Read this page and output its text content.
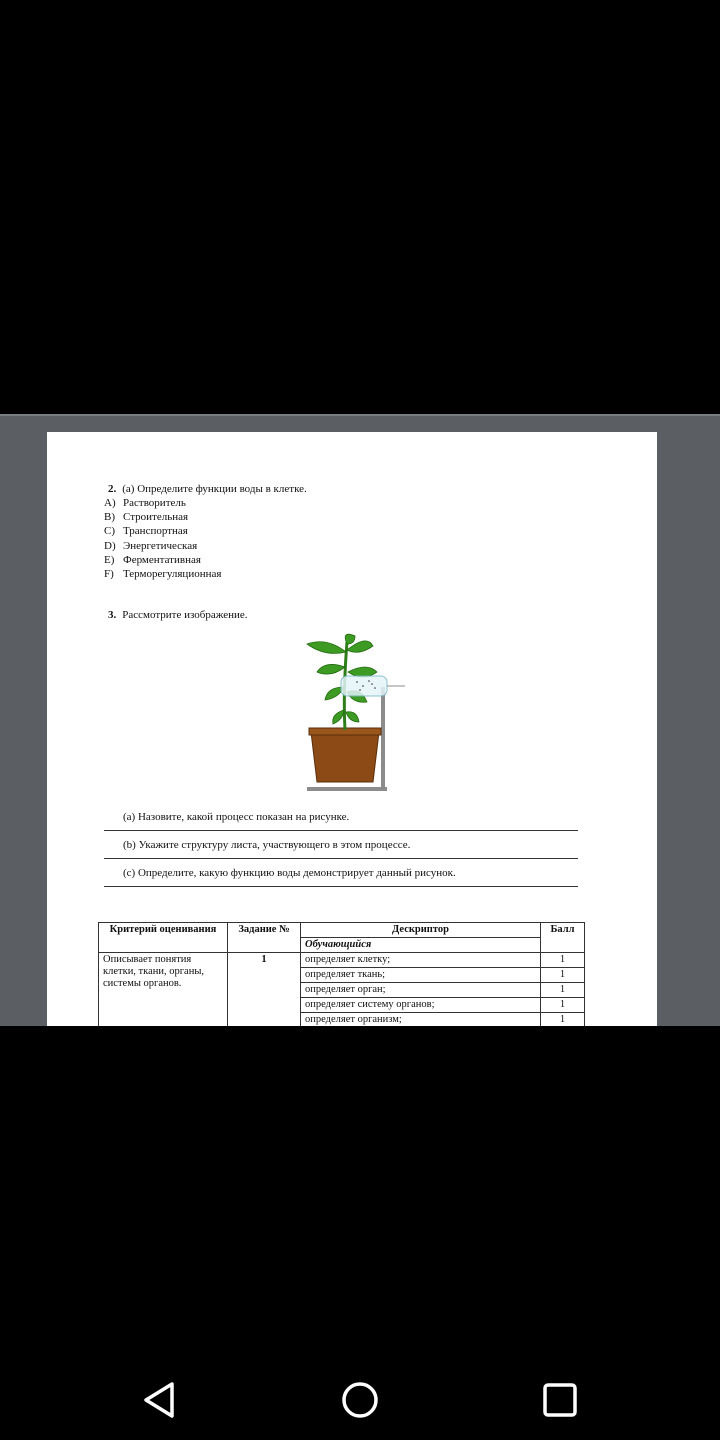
2. (a) Определите функции воды в клетке.
A) Растворитель
B) Строительная
C) Транспортная
D) Энергетическая
E) Ферментативная
F) Терморегуляционная
3. Рассмотрите изображение.
(a) Назовите, какой процесс показан на рисунке.
(b) Укажите структуру листа, участвующего в этом процессе.
(c) Определите, какую функцию воды демонстрирует данный рисунок.
Критерий оценивания	Задание №	Дескриптор	Балл
		Обучающийся	
Описывает понятия клетки, ткани, органы, системы органов.	1	определяет клетку;	1
		определяет ткань;	1
		определяет орган;	1
		определяет систему органов;	1
		определяет организм;	1
